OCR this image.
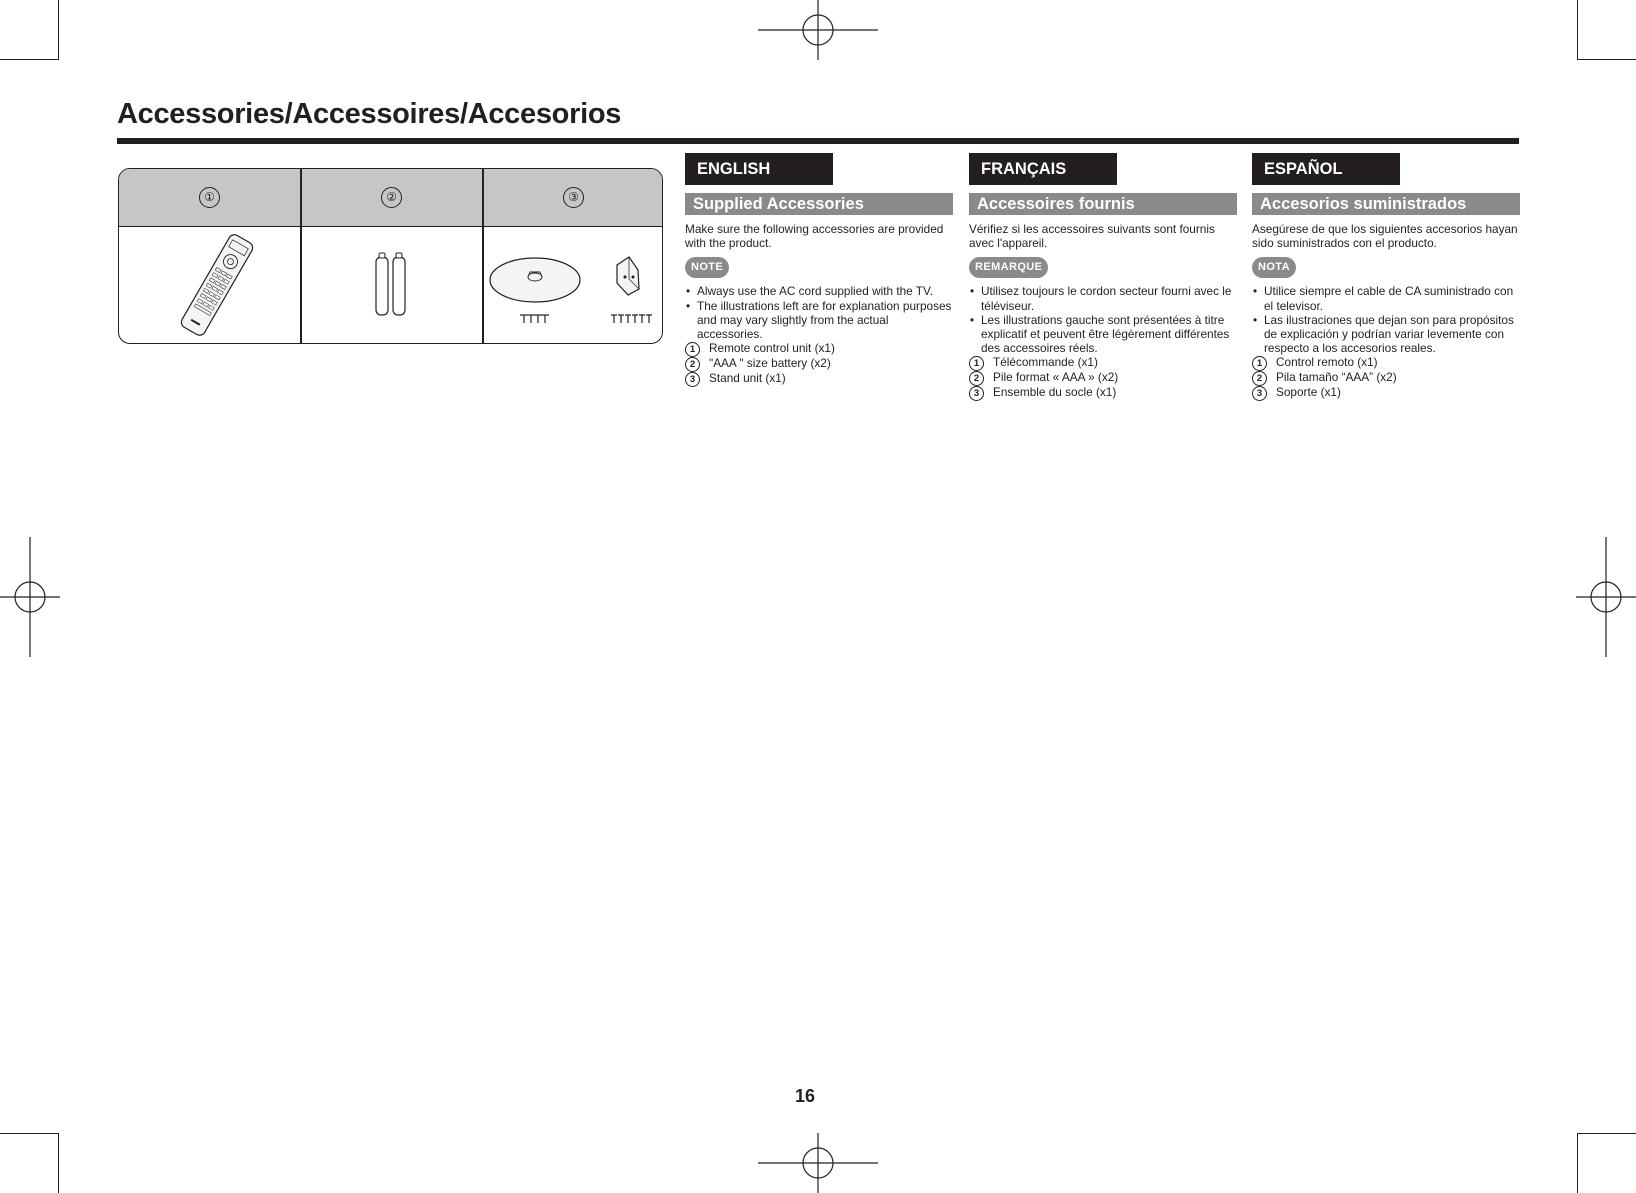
Accessories/Accessoires/Accesorios
①	②	③
ENGLISH
Supplied Accessories

Make sure the following accessories are provided with the product.

NOTE
• Always use the AC cord supplied with the TV.
• The illustrations left are for explanation purposes and may vary slightly from the actual accessories.
1	Remote control unit (x1)
2	"AAA " size battery (x2)
3	Stand unit (x1)
FRANÇAIS
Accessoires fournis

Vérifiez si les accessoires suivants sont fournis avec l'appareil.

REMARQUE
• Utilisez toujours le cordon secteur fourni avec le téléviseur.
• Les illustrations gauche sont présentées à titre explicatif et peuvent être légèrement différentes des accessoires réels.
1	Télécommande (x1)
2	Pile format « AAA » (x2)
3	Ensemble du socle (x1)
ESPAÑOL
Accesorios suministrados

Asegúrese de que los siguientes accesorios hayan sido suministrados con el producto.

NOTA
• Utilice siempre el cable de CA suministrado con el televisor.
• Las ilustraciones que dejan son para propósitos de explicación y podrían variar levemente con respecto a los accesorios reales.
1	Control remoto (x1)
2	Pila tamaño “AAA” (x2)
3	Soporte (x1)
16
